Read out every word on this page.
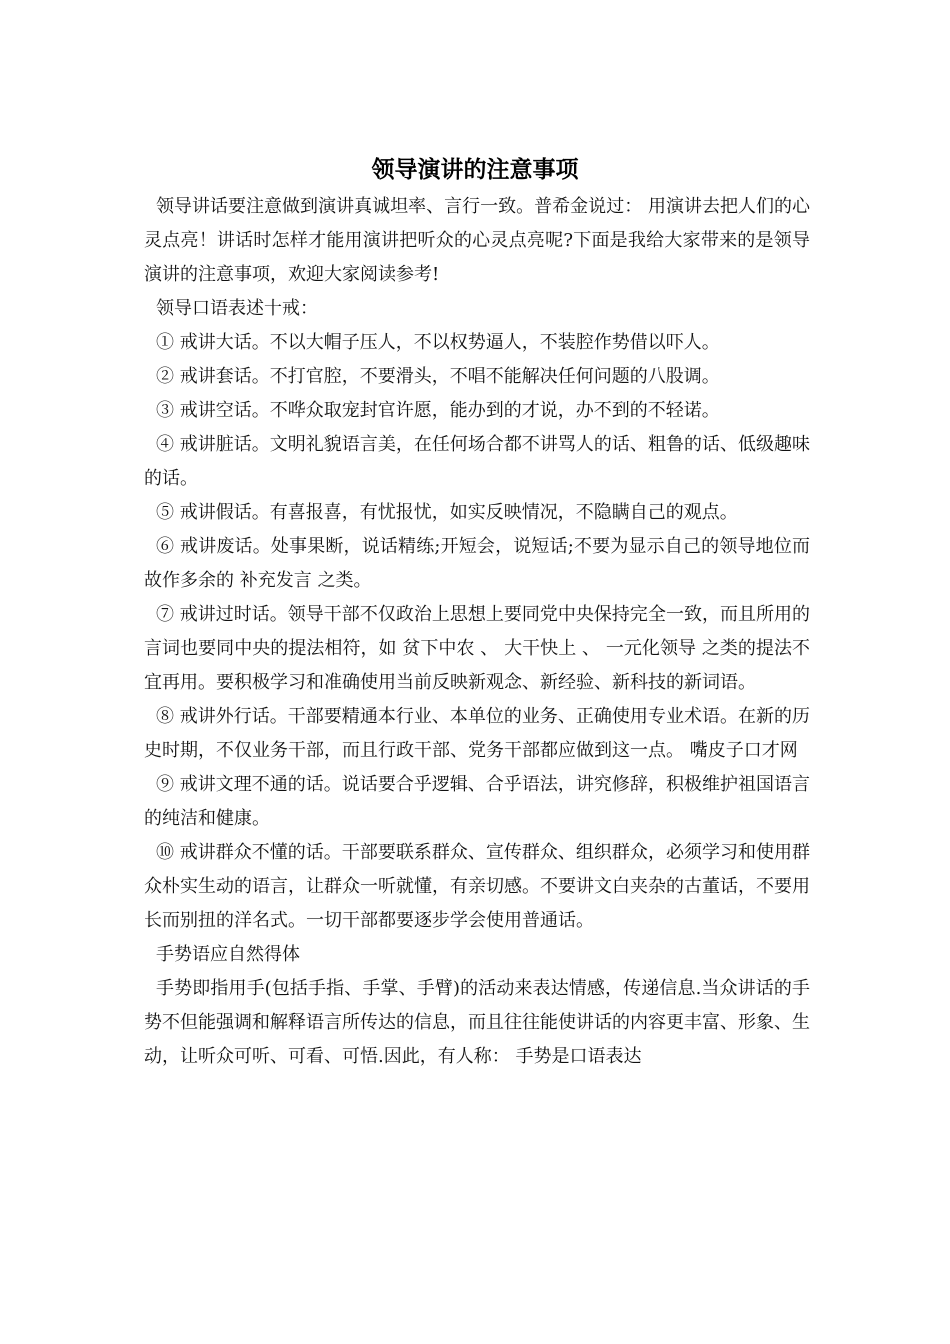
领导演讲的注意事项

领导讲话要注意做到演讲真诚坦率、言行一致。普希金说过： 用演讲去把人们的心灵点亮！讲话时怎样才能用演讲把听众的心灵点亮呢?下面是我给大家带来的是领导演讲的注意事项，欢迎大家阅读参考!

领导口语表述十戒：

① 戒讲大话。不以大帽子压人，不以权势逼人，不装腔作势借以吓人。

② 戒讲套话。不打官腔，不要滑头，不唱不能解决任何问题的八股调。

③ 戒讲空话。不哗众取宠封官许愿，能办到的才说，办不到的不轻诺。

④ 戒讲脏话。文明礼貌语言美，在任何场合都不讲骂人的话、粗鲁的话、低级趣味的话。

⑤ 戒讲假话。有喜报喜，有忧报忧，如实反映情况，不隐瞒自己的观点。

⑥ 戒讲废话。处事果断，说话精练;开短会，说短话;不要为显示自己的领导地位而故作多余的 补充发言 之类。

⑦ 戒讲过时话。领导干部不仅政治上思想上要同党中央保持完全一致，而且所用的言词也要同中央的提法相符，如 贫下中农 、 大干快上 、 一元化领导 之类的提法不宜再用。要积极学习和准确使用当前反映新观念、新经验、新科技的新词语。

⑧ 戒讲外行话。干部要精通本行业、本单位的业务、正确使用专业术语。在新的历史时期，不仅业务干部，而且行政干部、党务干部都应做到这一点。 嘴皮子口才网

⑨ 戒讲文理不通的话。说话要合乎逻辑、合乎语法，讲究修辞，积极维护祖国语言的纯洁和健康。

⑩ 戒讲群众不懂的话。干部要联系群众、宣传群众、组织群众，必须学习和使用群众朴实生动的语言，让群众一听就懂，有亲切感。不要讲文白夹杂的古董话，不要用长而别扭的洋名式。一切干部都要逐步学会使用普通话。

手势语应自然得体

手势即指用手(包括手指、手掌、手臂)的活动来表达情感，传递信息.当众讲话的手势不但能强调和解释语言所传达的信息，而且往往能使讲话的内容更丰富、形象、生动，让听众可听、可看、可悟.因此，有人称： 手势是口语表达
